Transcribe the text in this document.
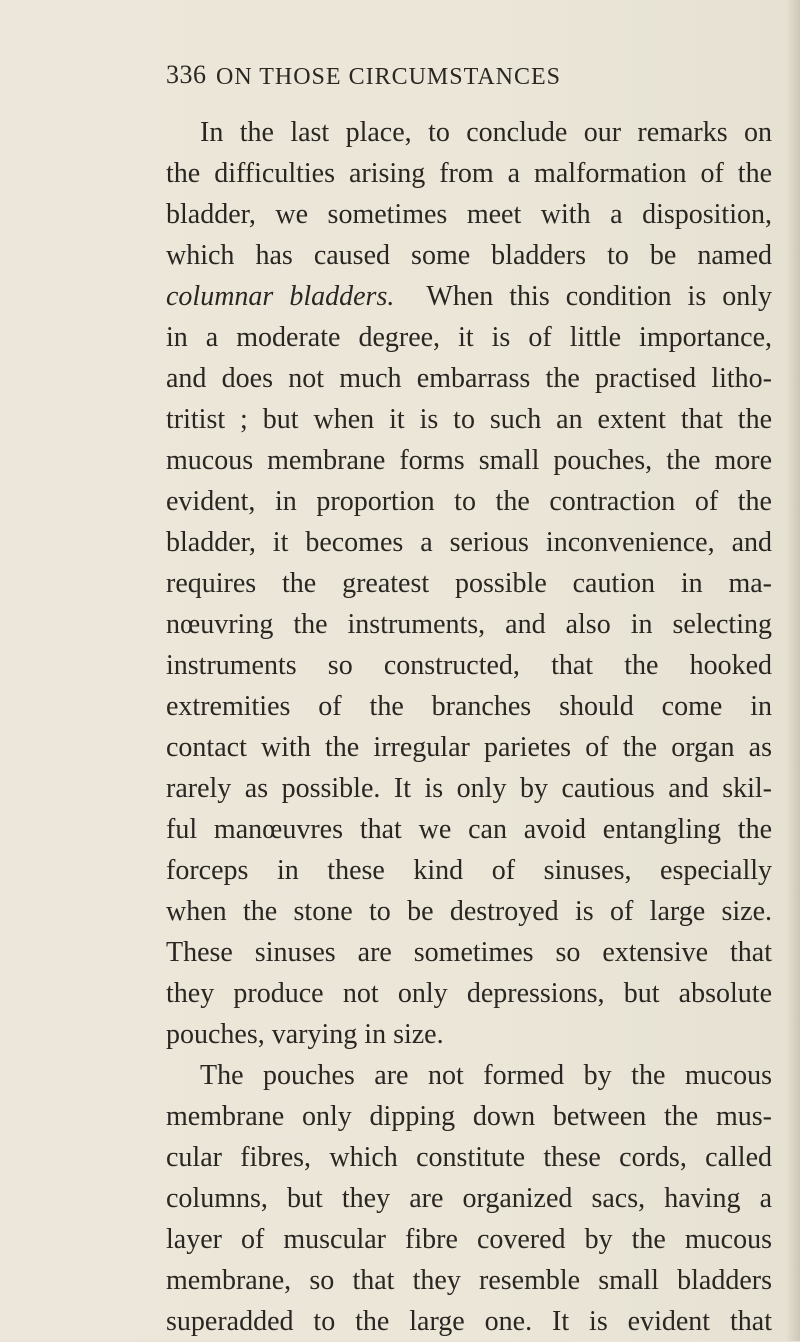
336 ON THOSE CIRCUMSTANCES
In the last place, to conclude our remarks on
the difficulties arising from a malformation of the
bladder, we sometimes meet with a disposition,
which has caused some bladders to be named
columnar bladders. When this condition is only
in a moderate degree, it is of little importance,
and does not much embarrass the practised litho-
tritist ; but when it is to such an extent that the
mucous membrane forms small pouches, the more
evident, in proportion to the contraction of the
bladder, it becomes a serious inconvenience, and
requires the greatest possible caution in ma-
nœuvring the instruments, and also in selecting
instruments so constructed, that the hooked
extremities of the branches should come in
contact with the irregular parietes of the organ as
rarely as possible. It is only by cautious and skil-
ful manœuvres that we can avoid entangling the
forceps in these kind of sinuses, especially
when the stone to be destroyed is of large size.
These sinuses are sometimes so extensive that
they produce not only depressions, but absolute
pouches, varying in size.
The pouches are not formed by the mucous
membrane only dipping down between the mus-
cular fibres, which constitute these cords, called
columns, but they are organized sacs, having a
layer of muscular fibre covered by the mucous
membrane, so that they resemble small bladders
superadded to the large one. It is evident that
